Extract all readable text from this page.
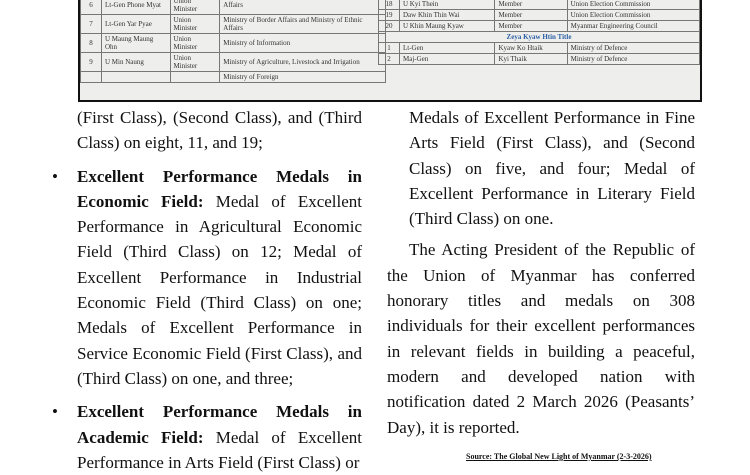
6	Lt-Gen Phone Myat	Union Minister	Affairs
7	Lt-Gen Yar Pyae	Union Minister	Ministry of Border Affairs and Ministry of Ethnic Affairs
8	U Maung Maung Ohn	Union Minister	Ministry of Information
9	U Min Naung	Union Minister	Ministry of Agriculture, Livestock and Irrigation
			Ministry of Foreign

18	U Kyi Thein	Member	Union Election Commission
19	Daw Khin Thin Wai	Member	Union Election Commission
20	U Khin Maung Kyaw	Member	Myanmar Engineering Council
Zeya Kyaw Htin Title			
1	Lt-Gen	Kyaw Ko Htaik	Ministry of Defence
2	Maj-Gen	Kyi Thaik	Ministry of Defence

(First Class), (Second Class), and (Third Class) on eight, 11, and 19;

• Excellent Performance Medals in Economic Field: Medal of Excellent Performance in Agricultural Economic Field (Third Class) on 12; Medal of Excellent Performance in Industrial Economic Field (Third Class) on one; Medals of Excellent Performance in Service Economic Field (First Class), and (Third Class) on one, and three;
• Excellent Performance Medals in Academic Field: Medal of Excellent Performance in Arts Field (First Class) or

Medals of Excellent Performance in Fine Arts Field (First Class), and (Second Class) on five, and four; Medal of Excellent Performance in Literary Field (Third Class) on one.

The Acting President of the Republic of the Union of Myanmar has conferred honorary titles and medals on 308 individuals for their excellent performances in relevant fields in building a peaceful, modern and developed nation with notification dated 2 March 2026 (Peasants’ Day), it is reported.

Source: The Global New Light of Myanmar (2-3-2026)
